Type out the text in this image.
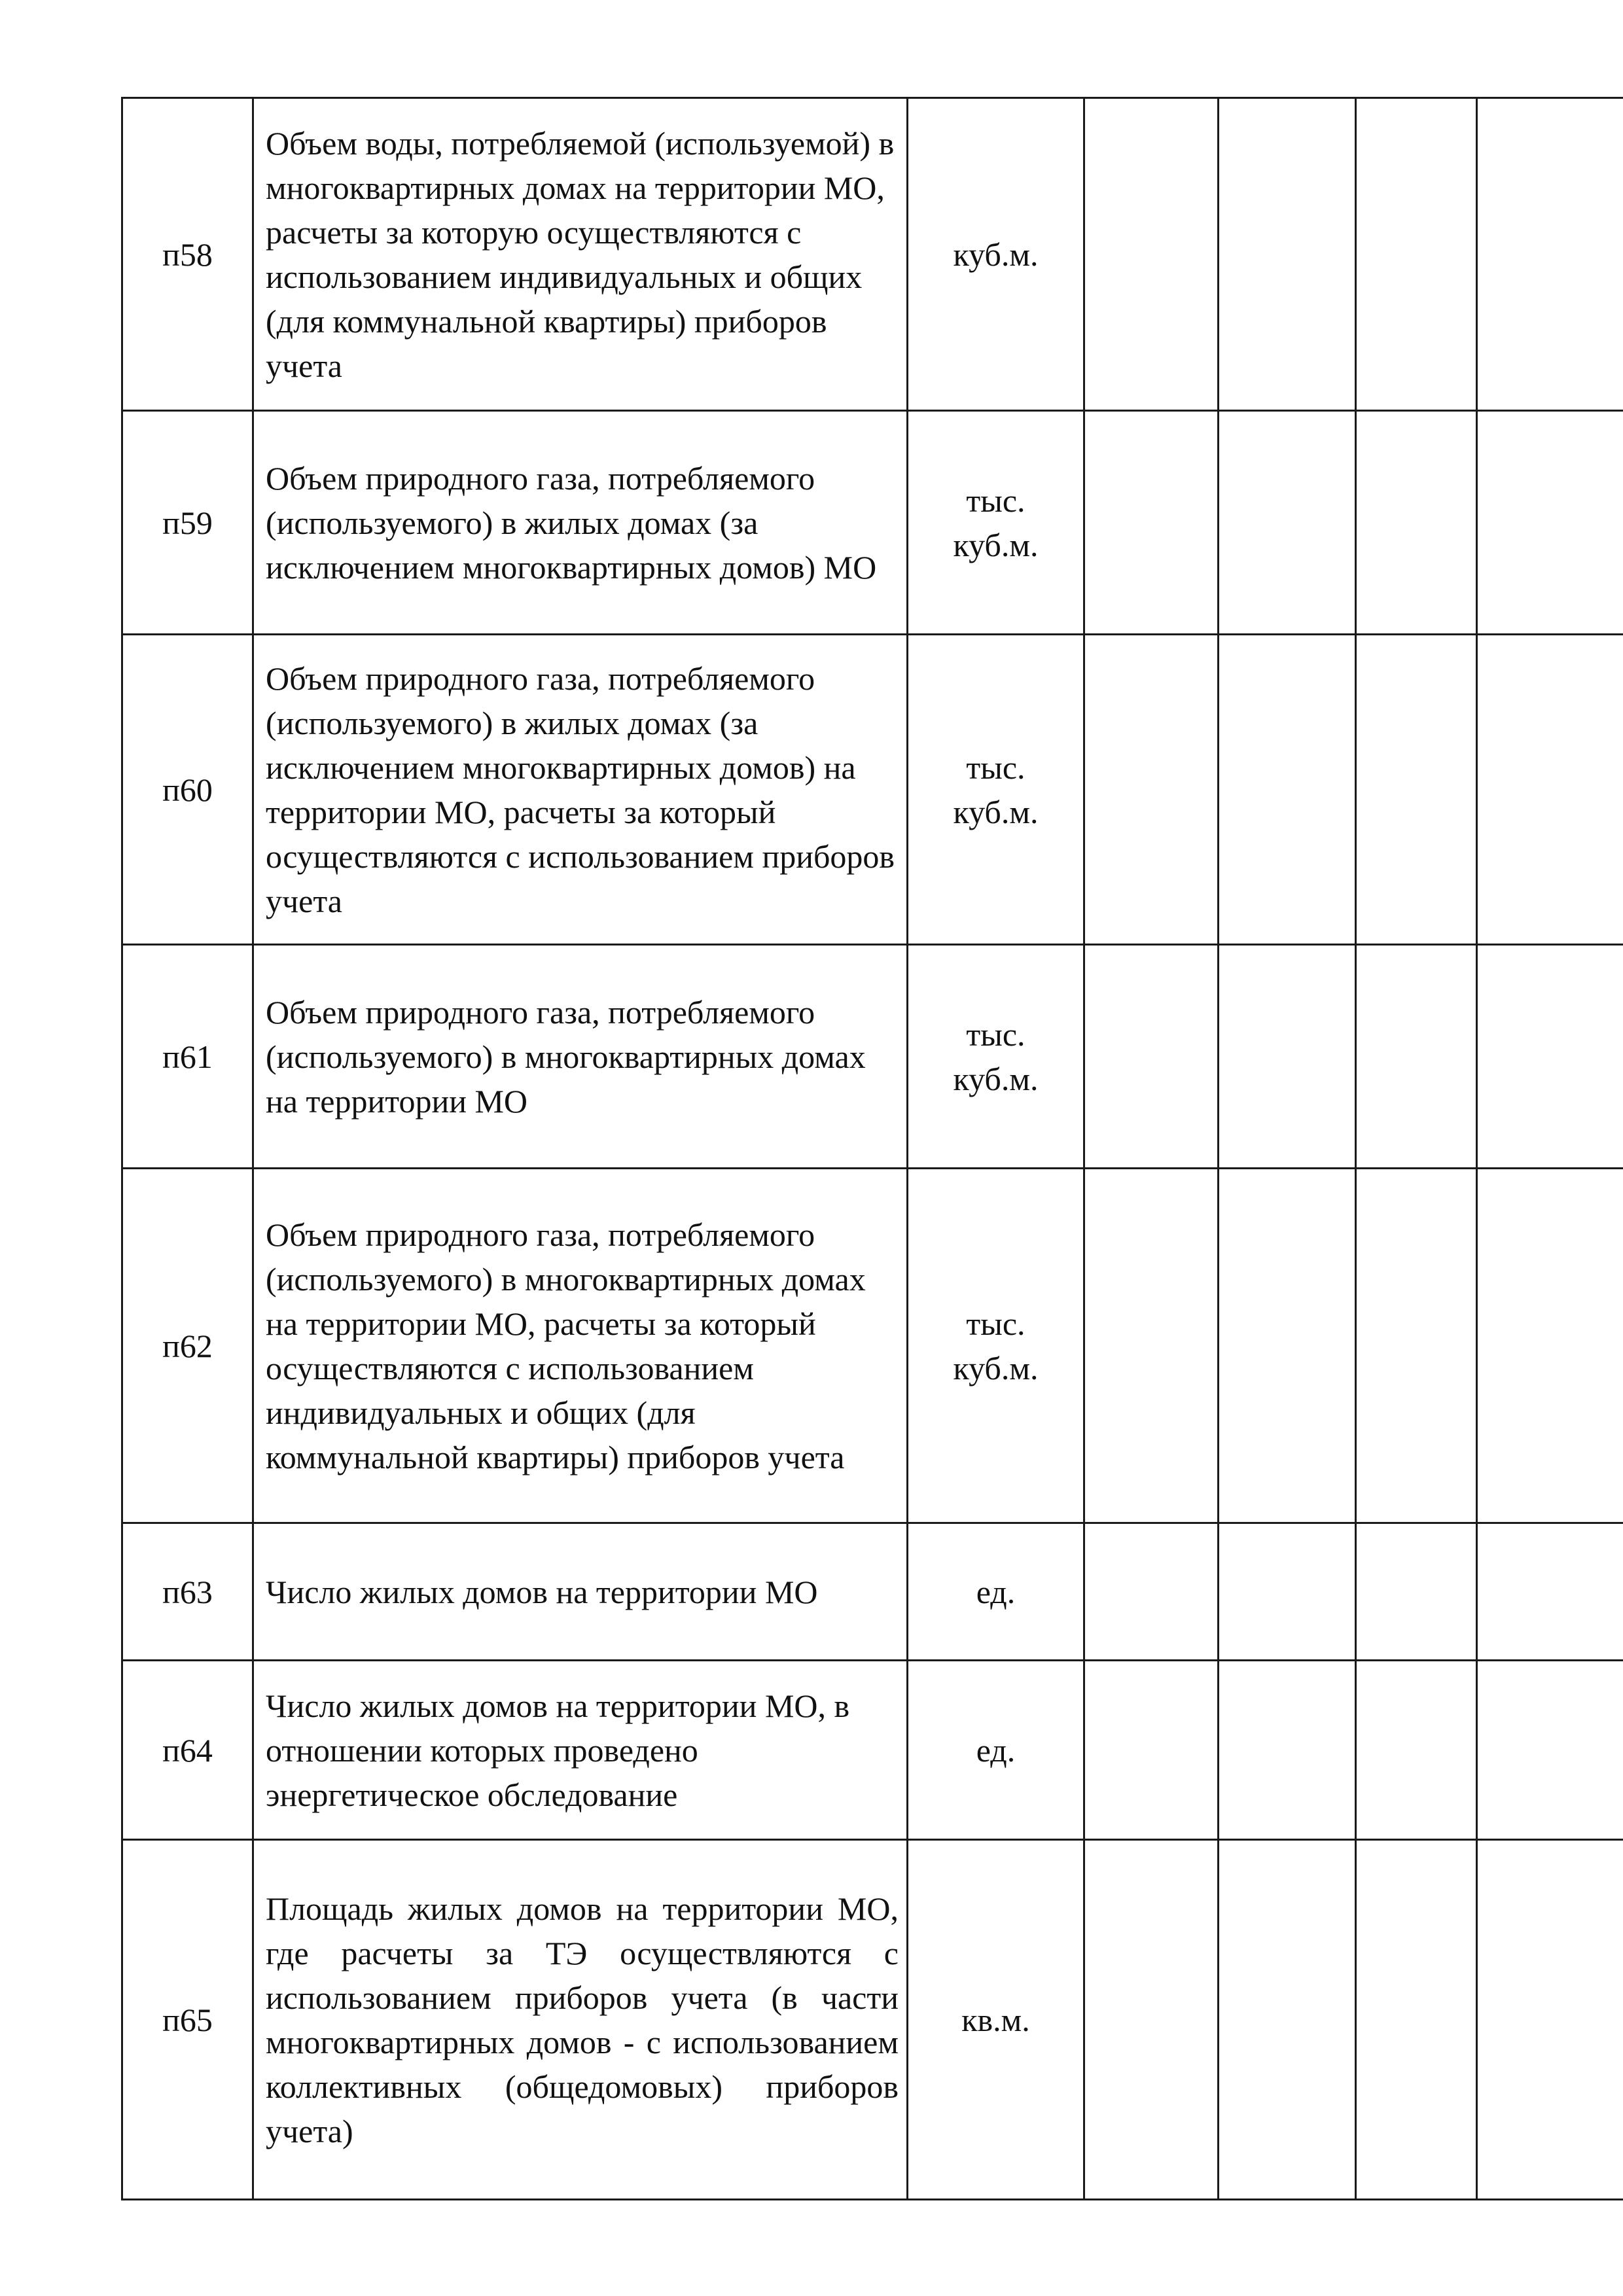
п58	Объем воды, потребляемой (используемой) в многоквартирных домах на территории МО, расчеты за которую осуществляются с использованием индивидуальных и общих (для коммунальной квартиры) приборов учета	куб.м.				

п59	Объем природного газа, потребляемого (используемого) в жилых домах (за исключением многоквартирных домов) МО	тыс.
куб.м.				

п60	Объем природного газа, потребляемого (используемого) в жилых домах (за исключением многоквартирных домов) на территории МО, расчеты за который осуществляются с использованием приборов учета	тыс.
куб.м.				

п61	Объем природного газа, потребляемого (используемого) в многоквартирных домах на территории МО	тыс.
куб.м.				

п62	Объем природного газа, потребляемого (используемого) в многоквартирных домах на территории МО, расчеты за который осуществляются с использованием индивидуальных и общих (для коммунальной квартиры) приборов учета	тыс.
куб.м.				

п63	Число жилых домов на территории МО	ед.				

п64	Число жилых домов на территории МО, в отношении которых проведено энергетическое обследование	ед.				

п65	Площадь жилых домов на территории МО, где расчеты за ТЭ осуществляются с использованием приборов учета (в части многоквартирных домов - с использованием коллективных (общедомовых) приборов учета)	кв.м.				
